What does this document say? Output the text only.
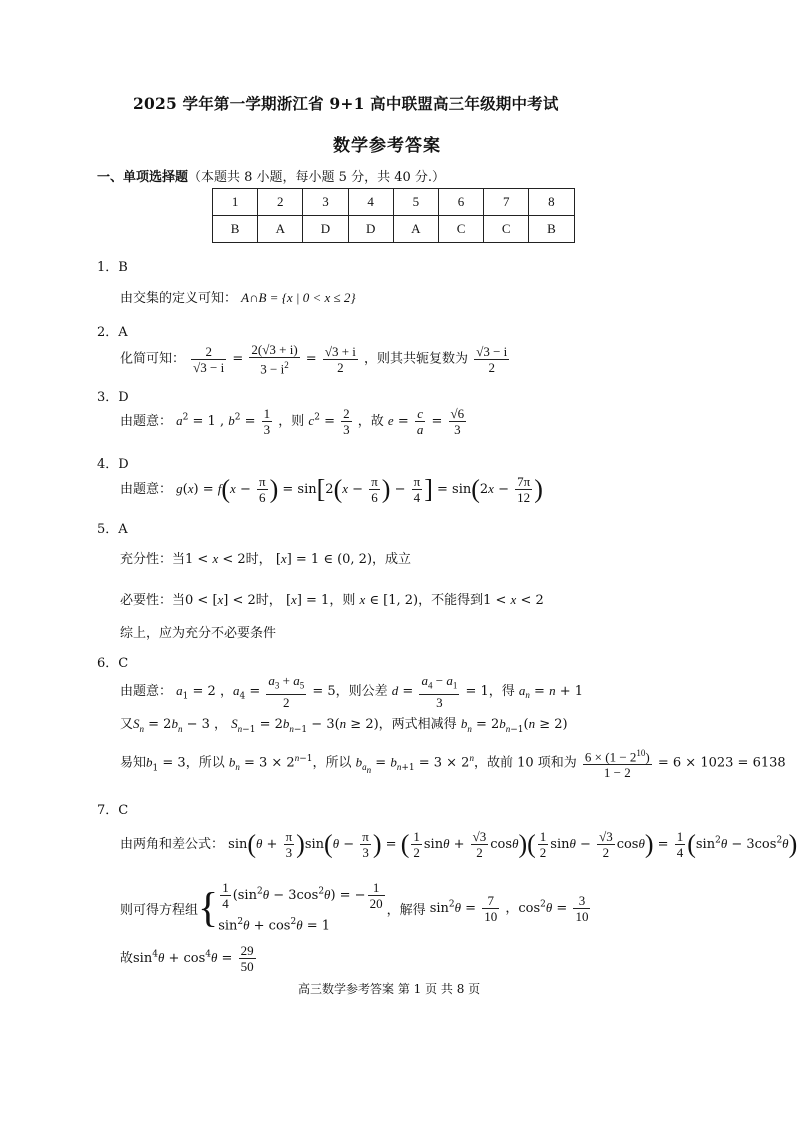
2025 学年第一学期浙江省 9+1 高中联盟高三年级期中考试
数学参考答案
一、单项选择题（本题共 8 小题，每小题 5 分，共 40 分.）
1	2	3	4	5	6	7	8
B	A	D	D	A	C	C	B
1．B
由交集的定义可知： A∩B = {x | 0 < x ≤ 2}
2．A
化简可知： $\frac{2}{√3 - i} = \frac{2(√3 + i)}{3 - i^2} = \frac{√3 + i}{2}$ ，则其共轭复数为 $\frac{√3 - i}{2}$
3．D
由题意： $a^2 = 1$ , $b^2 = \frac{1}{3}$ ，则 $c^2 = \frac{2}{3}$ ，故 $e = \frac{c}{a} = \frac{√6}{3}$
4．D
由题意： $g(x) = f(x - \frac{\pi}{6}$ ) = $\sin[2(x - \frac{\pi}{6}$ ) − $\frac{\pi}{4}$ ] = $\sin(2x - \frac{7\pi}{12}$ )
5．A
充分性：当1 < x < 2时， [x] = 1 ∈ (0, 2)，成立
必要性：当0 < [x] < 2时， [x] = 1，则 x ∈ [1, 2)，不能得到1 < x < 2
综上，应为充分不必要条件
6．C
由题意： $a_1 = 2$ ，$a_4 = \frac{a_3 + a_5}{2} = 5$，则公差 $d = \frac{a_4 - a_1}{3} = 1$，得 $a_n = n + 1$
又$S_n = 2b_n - 3$ ， $S_{n-1} = 2b_{n-1} - 3(n \ge 2)$，两式相减得 $b_n = 2b_{n-1}(n \ge 2)$
易知$b_1 = 3$，所以 $b_n = 3 \times 2^{n-1}$，所以 $b_{a_n} = b_{n+1} = 3 \times 2^n$，故前 10 项和为 $\frac{6 \times (1 - 2^{10})}{1 - 2} = 6 \times 1023 = 6138$
7．C
由两角和差公式： $\sin(\theta + \frac{\pi}{3} )\sin(\theta - \frac{\pi}{3}$ ) = ( $\frac{1}{2}$ $\sin\theta + \frac{√3}{2} \cos\theta)( \frac{1}{2}$ $\sin\theta - \frac{√3}{2} \cos\theta) = \frac{1}{4} (\sin^2\theta - 3\cos^2\theta)$
则可得方程组{ $\frac{1}{4} (\sin^2\theta - 3\cos^2\theta)$ = − $\frac{1}{20}$
$\sin^2\theta + \cos^2\theta = 1$
，解得 $\sin^2\theta = \frac{7}{10}$ ，$\cos^2\theta = \frac{3}{10}$
故$\sin^4\theta + \cos^4\theta = \frac{29}{50}$
高三数学参考答案 第 1 页 共 8 页
